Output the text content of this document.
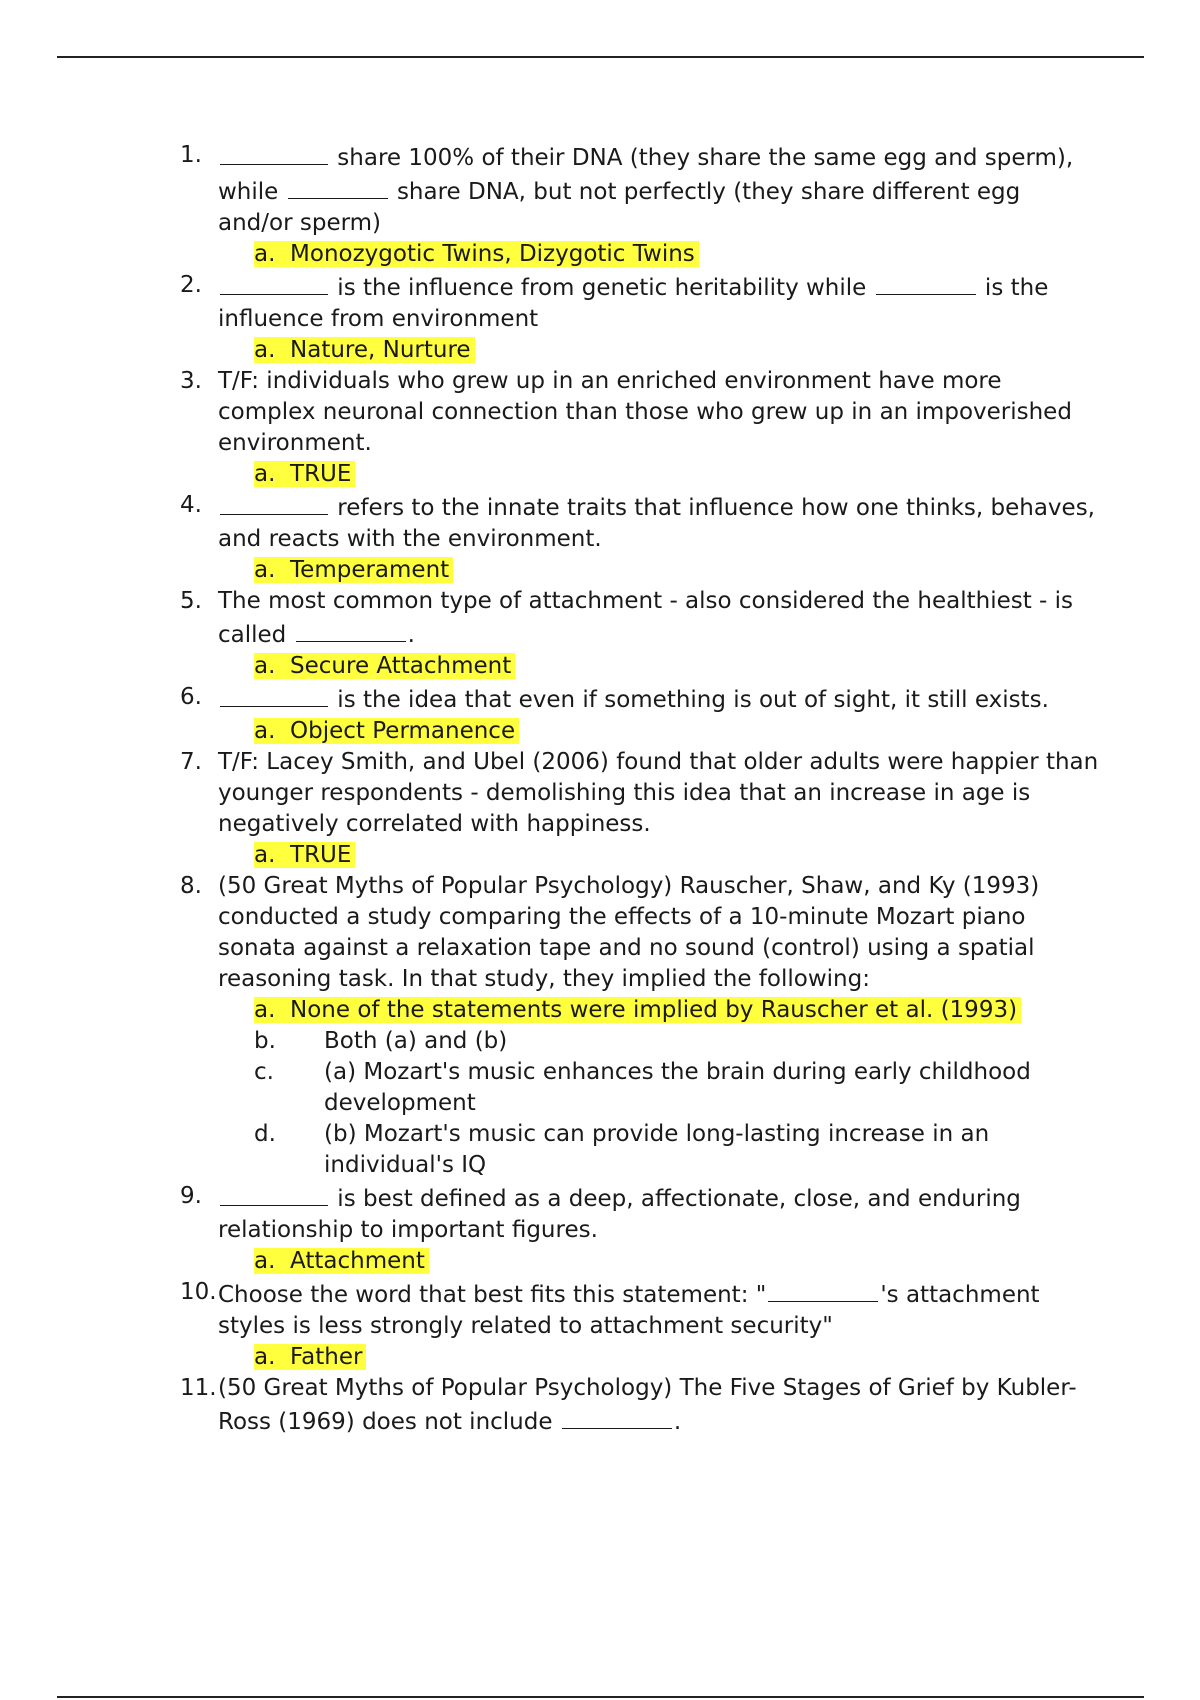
1.	share 100% of their DNA (they share the same egg and sperm), while	share DNA, but not perfectly (they share different egg and/or sperm)
a.  Monozygotic Twins, Dizygotic Twins
2.	is the influence from genetic heritability while	is the influence from environment
a.  Nature, Nurture
3. T/F: individuals who grew up in an enriched environment have more complex neuronal connection than those who grew up in an impoverished environment.
a.  TRUE
4.	refers to the innate traits that influence how one thinks, behaves, and reacts with the environment.
a.  Temperament
5. The most common type of attachment - also considered the healthiest - is called	.
a.  Secure Attachment
6.	is the idea that even if something is out of sight, it still exists.
a.  Object Permanence
7. T/F: Lacey Smith, and Ubel (2006) found that older adults were happier than younger respondents - demolishing this idea that an increase in age is negatively correlated with happiness.
a.  TRUE
8. (50 Great Myths of Popular Psychology) Rauscher, Shaw, and Ky (1993) conducted a study comparing the effects of a 10-minute Mozart piano sonata against a relaxation tape and no sound (control) using a spatial reasoning task. In that study, they implied the following:
a.  None of the statements were implied by Rauscher et al. (1993)
b. Both (a) and (b)
c. (a) Mozart's music enhances the brain during early childhood development
d. (b) Mozart's music can provide long-lasting increase in an individual's IQ
9.	is best defined as a deep, affectionate, close, and enduring relationship to important figures.
a.  Attachment
10. Choose the word that best fits this statement: "	's attachment styles is less strongly related to attachment security"
a.  Father
11. (50 Great Myths of Popular Psychology) The Five Stages of Grief by Kubler-Ross (1969) does not include	.
